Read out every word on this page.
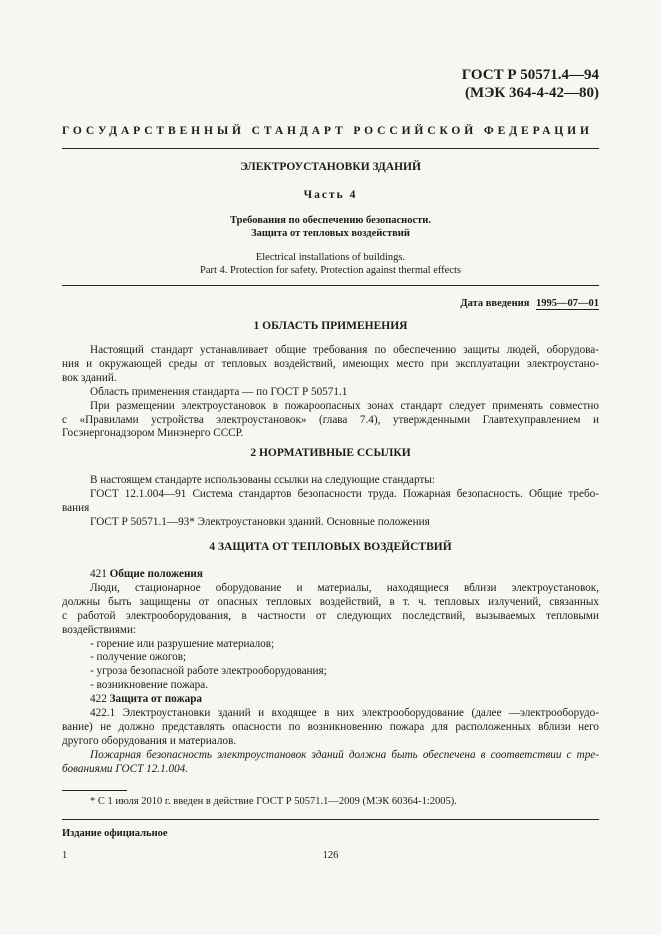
ГОСТ Р 50571.4—94
(МЭК 364-4-42—80)
ГОСУДАРСТВЕННЫЙ СТАНДАРТ РОССИЙСКОЙ ФЕДЕРАЦИИ
ЭЛЕКТРОУСТАНОВКИ ЗДАНИЙ
Часть 4
Требования по обеспечению безопасности.
Защита от тепловых воздействий
Electrical installations of buildings.
Part 4. Protection for safety. Protection against thermal effects
Дата введения 1995—07—01
1 ОБЛАСТЬ ПРИМЕНЕНИЯ
Настоящий стандарт устанавливает общие требования по обеспечению защиты людей, оборудова-
ния и окружающей среды от тепловых воздействий, имеющих место при эксплуатации электроустано-
вок зданий.
Область применения стандарта — по ГОСТ Р 50571.1
При размещении электроустановок в пожароопасных зонах стандарт следует применять совместно
с «Правилами устройства электроустановок» (глава 7.4), утвержденными Главтехуправлением и
Госэнергонадзором Минэнерго СССР.
2 НОРМАТИВНЫЕ ССЫЛКИ
В настоящем стандарте использованы ссылки на следующие стандарты:
ГОСТ 12.1.004—91 Система стандартов безопасности труда. Пожарная безопасность. Общие требо-
вания
ГОСТ Р 50571.1—93* Электроустановки зданий. Основные положения
4 ЗАЩИТА ОТ ТЕПЛОВЫХ ВОЗДЕЙСТВИЙ
421 Общие положения
Люди, стационарное оборудование и материалы, находящиеся вблизи электроустановок,
должны быть защищены от опасных тепловых воздействий, в т. ч. тепловых излучений, связанных
с работой электрооборудования, в частности от следующих последствий, вызываемых тепловыми
воздействиями:
- горение или разрушение материалов;
- получение ожогов;
- угроза безопасной работе электрооборудования;
- возникновение пожара.
422 Защита от пожара
422.1 Электроустановки зданий и входящее в них электрооборудование (далее —электрооборудо-
вание) не должно представлять опасности по возникновению пожара для расположенных вблизи него
другого оборудования и материалов.
Пожарная безопасность электроустановок зданий должна быть обеспечена в соответствии с тре-
бованиями ГОСТ 12.1.004.
* С 1 июля 2010 г. введен в действие ГОСТ Р 50571.1—2009 (МЭК 60364-1:2005).
Издание официальное
1	126
